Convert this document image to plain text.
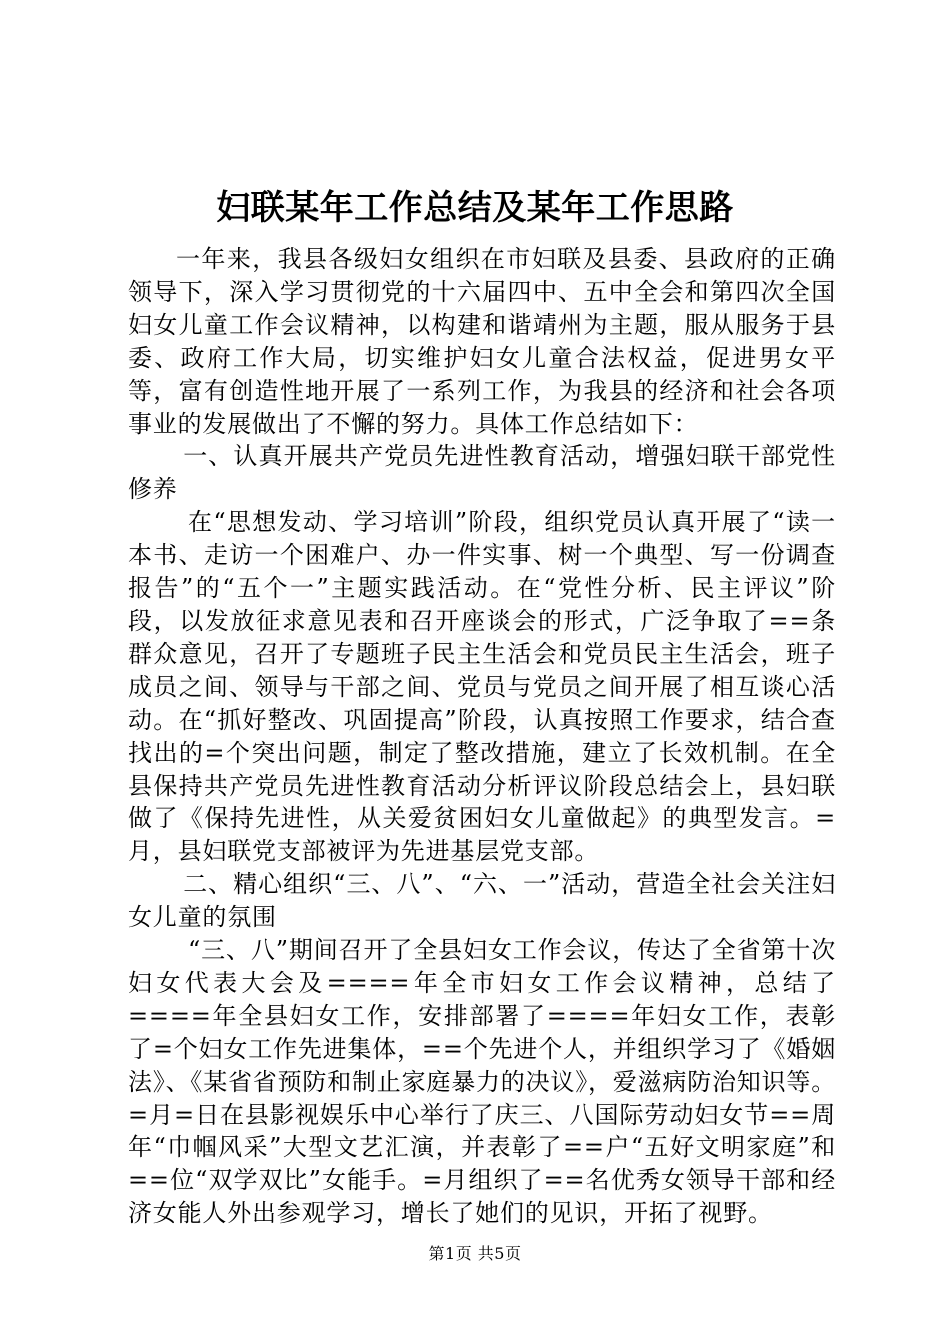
妇联某年工作总结及某年工作思路

一年来，我县各级妇女组织在市妇联及县委、县政府的正确领导下，深入学习贯彻党的十六届四中、五中全会和第四次全国妇女儿童工作会议精神，以构建和谐靖州为主题，服从服务于县委、政府工作大局，切实维护妇女儿童合法权益，促进男女平等，富有创造性地开展了一系列工作，为我县的经济和社会各项事业的发展做出了不懈的努力。具体工作总结如下：

一、认真开展共产党员先进性教育活动，增强妇联干部党性修养

在“思想发动、学习培训”阶段，组织党员认真开展了“读一本书、走访一个困难户、办一件实事、树一个典型、写一份调查报告”的“五个一”主题实践活动。在“党性分析、民主评议”阶段，以发放征求意见表和召开座谈会的形式，广泛争取了==条群众意见，召开了专题班子民主生活会和党员民主生活会，班子成员之间、领导与干部之间、党员与党员之间开展了相互谈心活动。在“抓好整改、巩固提高”阶段，认真按照工作要求，结合查找出的=个突出问题，制定了整改措施，建立了长效机制。在全县保持共产党员先进性教育活动分析评议阶段总结会上，县妇联做了《保持先进性，从关爱贫困妇女儿童做起》的典型发言。=月，县妇联党支部被评为先进基层党支部。

二、精心组织“三、八”、“六、一”活动，营造全社会关注妇女儿童的氛围

“三、八”期间召开了全县妇女工作会议，传达了全省第十次妇女代表大会及====年全市妇女工作会议精神，总结了====年全县妇女工作，安排部署了====年妇女工作，表彰了=个妇女工作先进集体，==个先进个人，并组织学习了《婚姻法》、《某省省预防和制止家庭暴力的决议》，爱滋病防治知识等。=月=日在县影视娱乐中心举行了庆三、八国际劳动妇女节==周年“巾帼风采”大型文艺汇演，并表彰了==户“五好文明家庭”和==位“双学双比”女能手。=月组织了==名优秀女领导干部和经济女能人外出参观学习，增长了她们的见识，开拓了视野。

第1页 共5页
